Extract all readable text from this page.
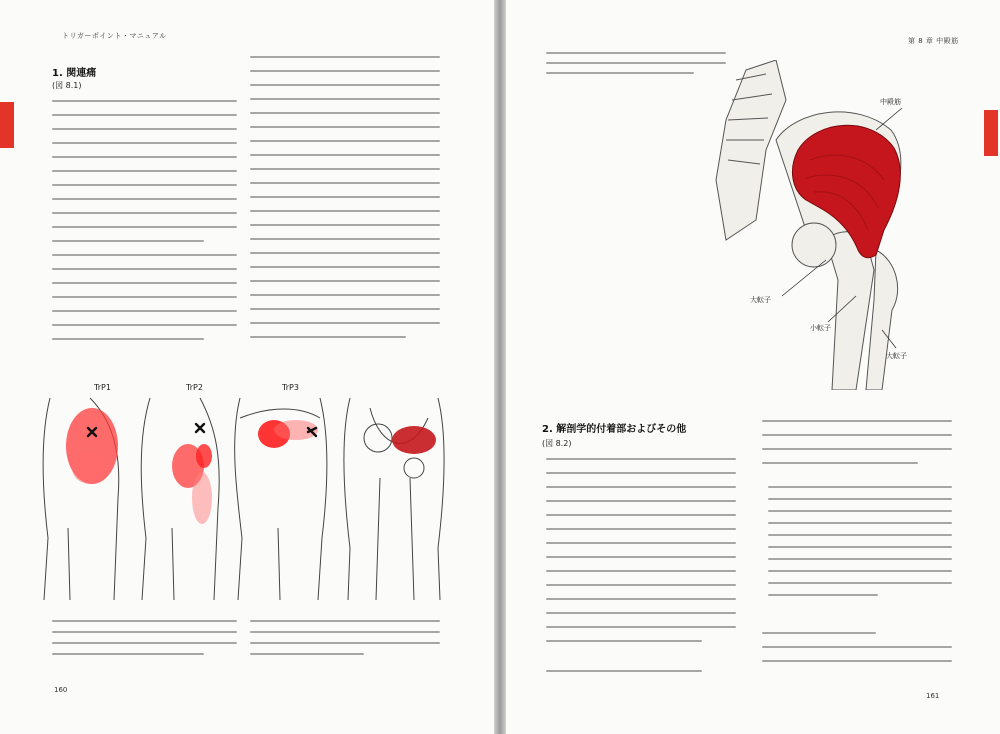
トリガーポイント・マニュアル
1. 関連痛
(図 8.1)
TrP1	TrP2	TrP3
160
第 8 章 中殿筋
中殿筋
大転子
小転子
大転子
2. 解剖学的付着部およびその他
(図 8.2)
161
